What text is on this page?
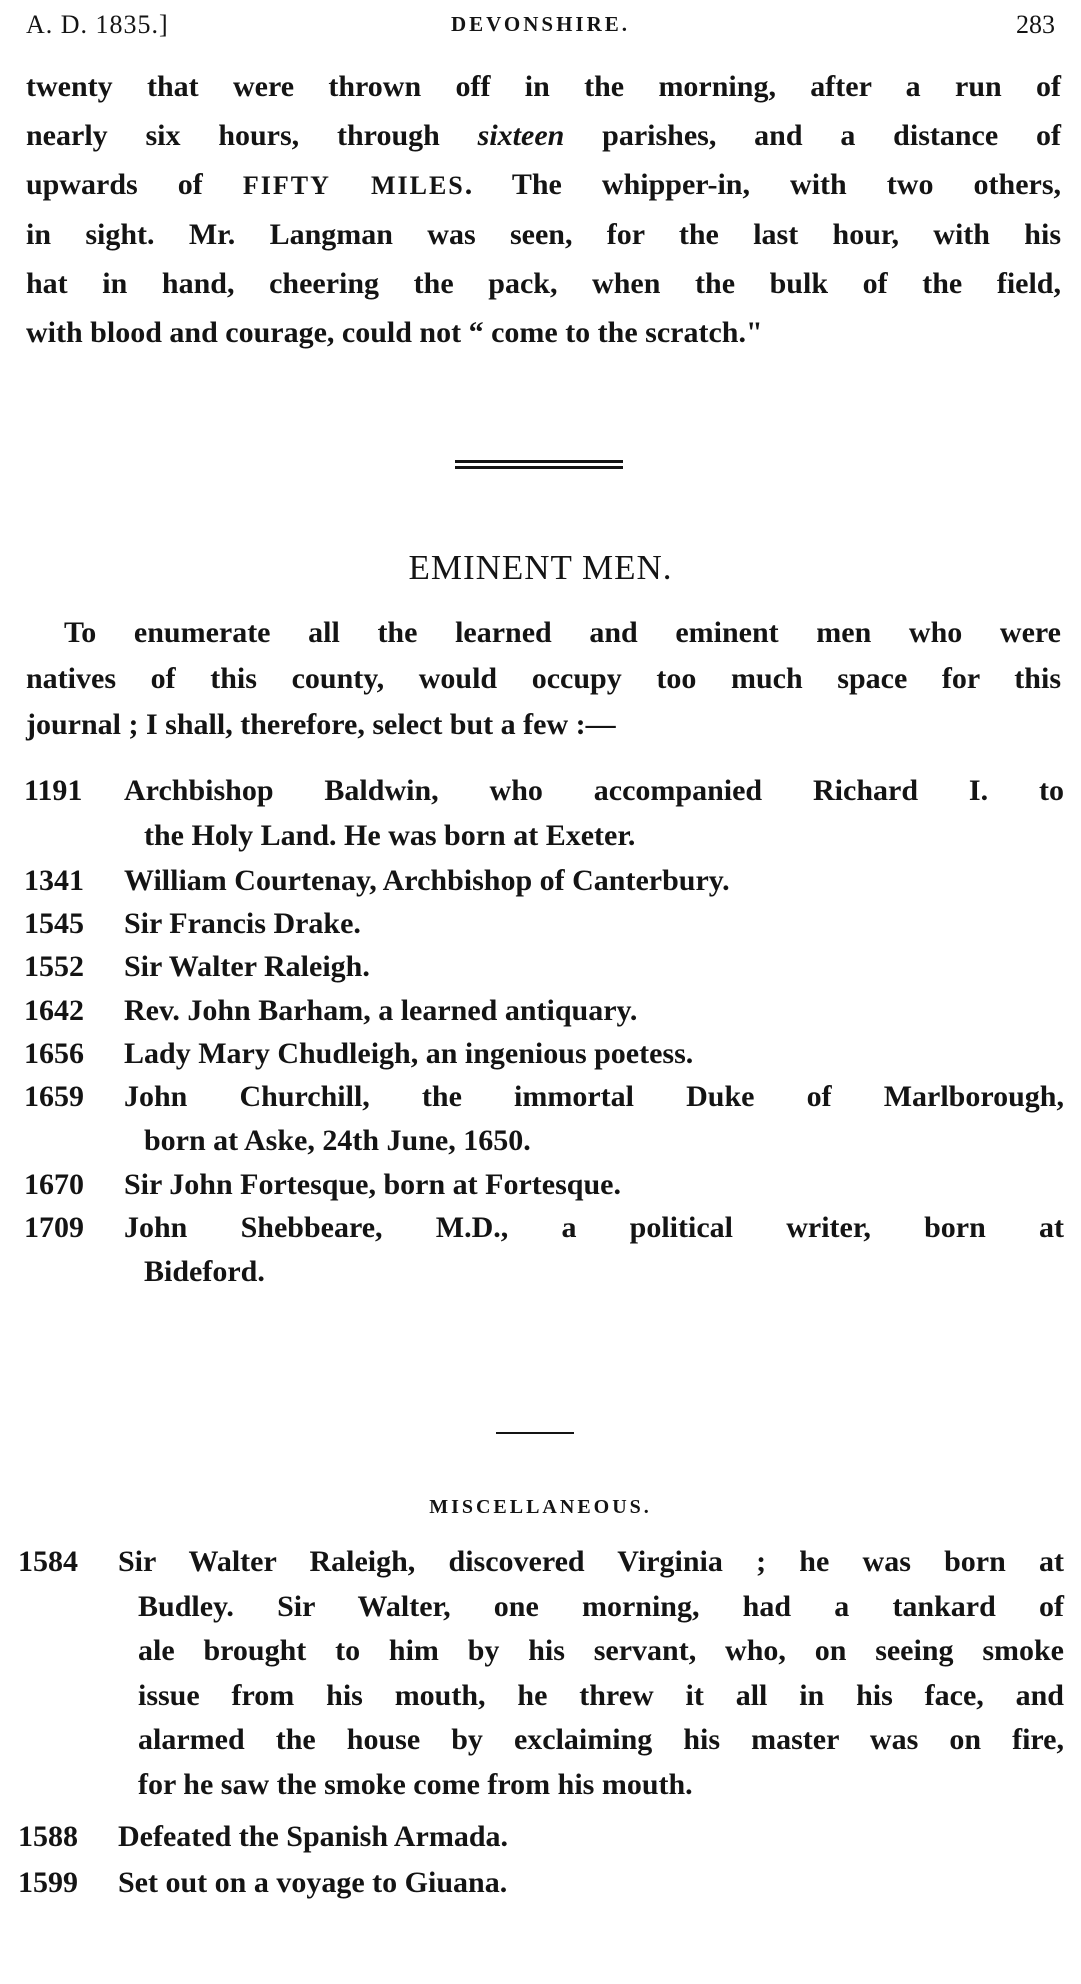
A. D. 1835.]	DEVONSHIRE.	283
twenty that were thrown off in the morning, after a run of
nearly six hours, through sixteen parishes, and a distance of
upwards of FIFTY MILES. The whipper-in, with two others,
in sight. Mr. Langman was seen, for the last hour, with his
hat in hand, cheering the pack, when the bulk of the field,
with blood and courage, could not “ come to the scratch."
EMINENT MEN.
To enumerate all the learned and eminent men who were
natives of this county, would occupy too much space for this
journal ; I shall, therefore, select but a few :—
1191	Archbishop Baldwin, who accompanied Richard I. to
the Holy Land. He was born at Exeter.
1341	William Courtenay, Archbishop of Canterbury.
1545	Sir Francis Drake.
1552	Sir Walter Raleigh.
1642	Rev. John Barham, a learned antiquary.
1656	Lady Mary Chudleigh, an ingenious poetess.
1659	John Churchill, the immortal Duke of Marlborough,
born at Aske, 24th June, 1650.
1670	Sir John Fortesque, born at Fortesque.
1709	John Shebbeare, M.D., a political writer, born at
Bideford.
MISCELLANEOUS.
1584	Sir Walter Raleigh, discovered Virginia ; he was born at
Budley. Sir Walter, one morning, had a tankard of
ale brought to him by his servant, who, on seeing smoke
issue from his mouth, he threw it all in his face, and
alarmed the house by exclaiming his master was on fire,
for he saw the smoke come from his mouth.
1588	Defeated the Spanish Armada.
1599	Set out on a voyage to Giuana.
